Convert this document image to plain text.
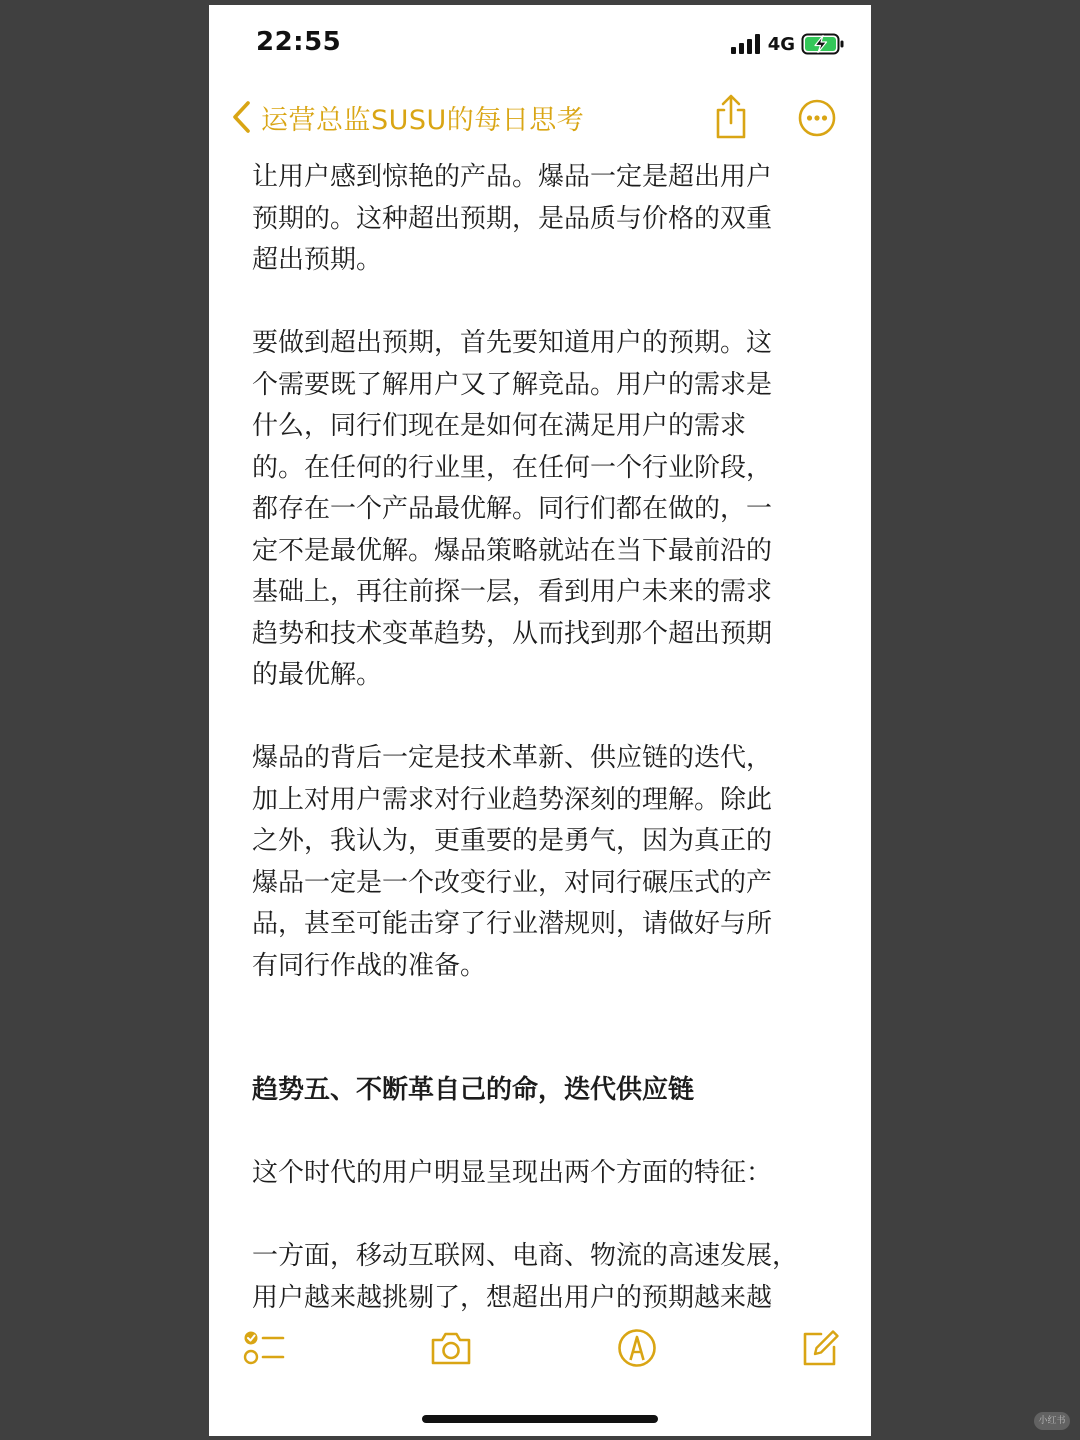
22:55	4G
运营总监SUSU的每日思考

让用户感到惊艳的产品。爆品一定是超出用户

预期的。这种超出预期，是品质与价格的双重

超出预期。

要做到超出预期，首先要知道用户的预期。这

个需要既了解用户又了解竞品。用户的需求是

什么，同行们现在是如何在满足用户的需求

的。在任何的行业里，在任何一个行业阶段，

都存在一个产品最优解。同行们都在做的，一

定不是最优解。爆品策略就站在当下最前沿的

基础上，再往前探一层，看到用户未来的需求

趋势和技术变革趋势，从而找到那个超出预期

的最优解。

爆品的背后一定是技术革新、供应链的迭代，

加上对用户需求对行业趋势深刻的理解。除此

之外，我认为，更重要的是勇气，因为真正的

爆品一定是一个改变行业，对同行碾压式的产

品，甚至可能击穿了行业潜规则，请做好与所

有同行作战的准备。

趋势五、不断革自己的命，迭代供应链

这个时代的用户明显呈现出两个方面的特征：

一方面，移动互联网、电商、物流的高速发展，

用户越来越挑剔了，想超出用户的预期越来越

小红书
